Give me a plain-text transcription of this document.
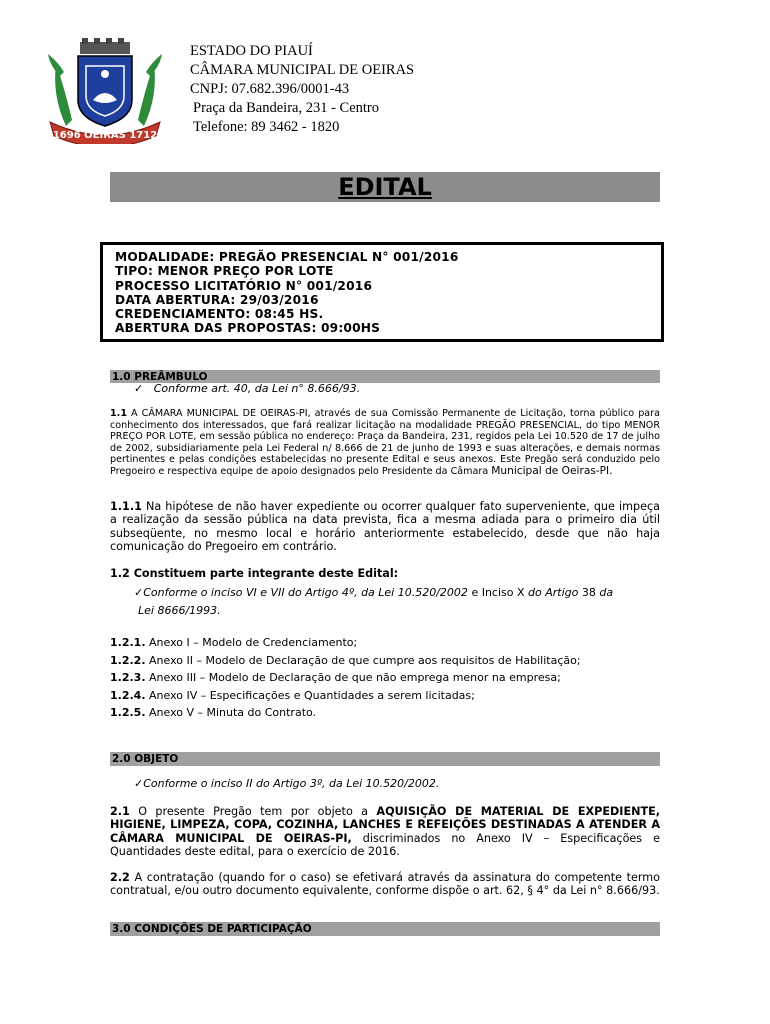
1696 OEIRAS 1712
ESTADO DO PIAUÍ
CÂMARA MUNICIPAL DE OEIRAS
CNPJ: 07.682.396/0001-43
Praça da Bandeira, 231 - Centro
Telefone: 89 3462 - 1820
EDITAL
MODALIDADE: PREGÃO PRESENCIAL N° 001/2016
TIPO: MENOR PREÇO POR LOTE
PROCESSO LICITATÓRIO N° 001/2016
DATA ABERTURA: 29/03/2016
CREDENCIAMENTO: 08:45 HS.
ABERTURA DAS PROPOSTAS: 09:00HS
1.0 PREÂMBULO
✓ Conforme art. 40, da Lei n° 8.666/93.
1.1 A CÂMARA MUNICIPAL DE OEIRAS-PI, através de sua Comissão Permanente de Licitação, torna público para conhecimento dos interessados, que fará realizar licitação na modalidade PREGÃO PRESENCIAL, do tipo MENOR PREÇO POR LOTE, em sessão pública no endereço: Praça da Bandeira, 231, regidos pela Lei 10.520 de 17 de julho de 2002, subsidiariamente pela Lei Federal n/ 8.666 de 21 de junho de 1993 e suas alterações, e demais normas pertinentes e pelas condições estabelecidas no presente Edital e seus anexos. Este Pregão será conduzido pelo Pregoeiro e respectiva equipe de apoio designados pelo Presidente da Câmara Municipal de Oeiras-PI.
1.1.1 Na hipótese de não haver expediente ou ocorrer qualquer fato superveniente, que impeça a realização da sessão pública na data prevista, fica a mesma adiada para o primeiro dia útil subseqüente, no mesmo local e horário anteriormente estabelecido, desde que não haja comunicação do Pregoeiro em contrário.
1.2 Constituem parte integrante deste Edital:
✓Conforme o inciso VI e VII do Artigo 4º, da Lei 10.520/2002 e Inciso X do Artigo 38 da
Lei 8666/1993.
1.2.1. Anexo I – Modelo de Credenciamento;
1.2.2. Anexo II – Modelo de Declaração de que cumpre aos requisitos de Habilitação;
1.2.3. Anexo III – Modelo de Declaração de que não emprega menor na empresa;
1.2.4. Anexo IV – Especificações e Quantidades a serem licitadas;
1.2.5. Anexo V – Minuta do Contrato.
2.0 OBJETO
✓Conforme o inciso II do Artigo 3º, da Lei 10.520/2002.
2.1 O presente Pregão tem por objeto a AQUISIÇÃO DE MATERIAL DE EXPEDIENTE, HIGIENE, LIMPEZA, COPA, COZINHA, LANCHES E REFEIÇÕES DESTINADAS A ATENDER A CÂMARA MUNICIPAL DE OEIRAS-PI, discriminados no Anexo IV – Especificações e Quantidades deste edital, para o exercício de 2016.
2.2 A contratação (quando for o caso) se efetivará através da assinatura do competente termo contratual, e/ou outro documento equivalente, conforme dispõe o art. 62, § 4° da Lei n° 8.666/93.
3.0 CONDIÇÕES DE PARTICIPAÇÃO
